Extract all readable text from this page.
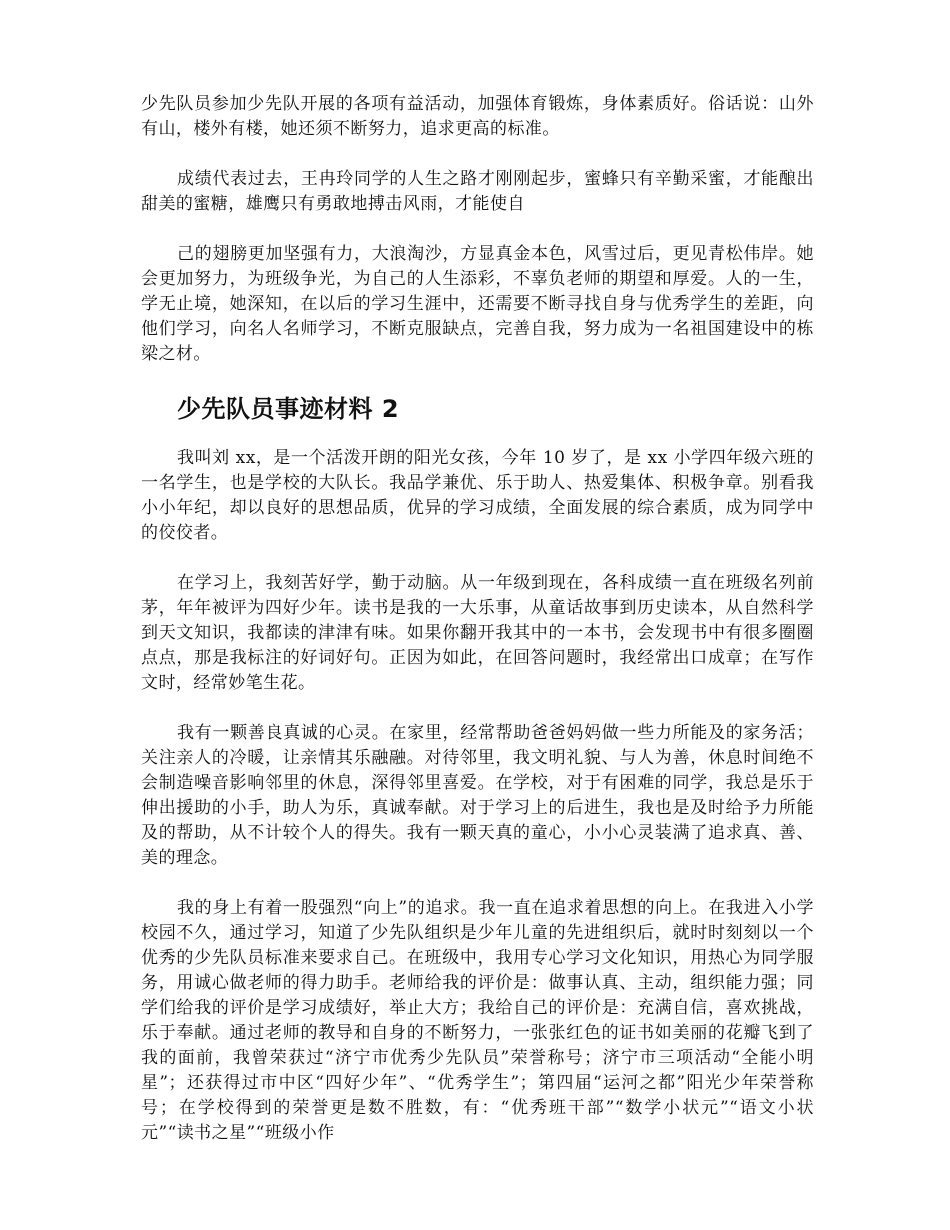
少先队员参加少先队开展的各项有益活动，加强体育锻炼，身体素质好。俗话说：山外有山，楼外有楼，她还须不断努力，追求更高的标准。

成绩代表过去，王冉玲同学的人生之路才刚刚起步，蜜蜂只有辛勤采蜜，才能酿出甜美的蜜糖，雄鹰只有勇敢地搏击风雨，才能使自

己的翅膀更加坚强有力，大浪淘沙，方显真金本色，风雪过后，更见青松伟岸。她会更加努力，为班级争光，为自己的人生添彩，不辜负老师的期望和厚爱。人的一生，学无止境，她深知，在以后的学习生涯中，还需要不断寻找自身与优秀学生的差距，向他们学习，向名人名师学习，不断克服缺点，完善自我，努力成为一名祖国建设中的栋梁之材。

少先队员事迹材料 2

我叫刘 xx，是一个活泼开朗的阳光女孩，今年 10 岁了，是 xx 小学四年级六班的一名学生，也是学校的大队长。我品学兼优、乐于助人、热爱集体、积极争章。别看我小小年纪，却以良好的思想品质，优异的学习成绩，全面发展的综合素质，成为同学中的佼佼者。

在学习上，我刻苦好学，勤于动脑。从一年级到现在，各科成绩一直在班级名列前茅，年年被评为四好少年。读书是我的一大乐事，从童话故事到历史读本，从自然科学到天文知识，我都读的津津有味。如果你翻开我其中的一本书，会发现书中有很多圈圈点点，那是我标注的好词好句。正因为如此，在回答问题时，我经常出口成章；在写作文时，经常妙笔生花。

我有一颗善良真诚的心灵。在家里，经常帮助爸爸妈妈做一些力所能及的家务活；关注亲人的冷暖，让亲情其乐融融。对待邻里，我文明礼貌、与人为善，休息时间绝不会制造噪音影响邻里的休息，深得邻里喜爱。在学校，对于有困难的同学，我总是乐于伸出援助的小手，助人为乐，真诚奉献。对于学习上的后进生，我也是及时给予力所能及的帮助，从不计较个人的得失。我有一颗天真的童心，小小心灵装满了追求真、善、美的理念。

我的身上有着一股强烈“向上”的追求。我一直在追求着思想的向上。在我进入小学校园不久，通过学习，知道了少先队组织是少年儿童的先进组织后，就时时刻刻以一个优秀的少先队员标准来要求自己。在班级中，我用专心学习文化知识，用热心为同学服务，用诚心做老师的得力助手。老师给我的评价是：做事认真、主动，组织能力强；同学们给我的评价是学习成绩好，举止大方；我给自己的评价是：充满自信，喜欢挑战，乐于奉献。通过老师的教导和自身的不断努力，一张张红色的证书如美丽的花瓣飞到了我的面前，我曾荣获过“济宁市优秀少先队员”荣誉称号；济宁市三项活动“全能小明星”；还获得过市中区“四好少年”、“优秀学生”；第四届“运河之都”阳光少年荣誉称号；在学校得到的荣誉更是数不胜数，有：“优秀班干部”“数学小状元”“语文小状元”“读书之星”“班级小作
